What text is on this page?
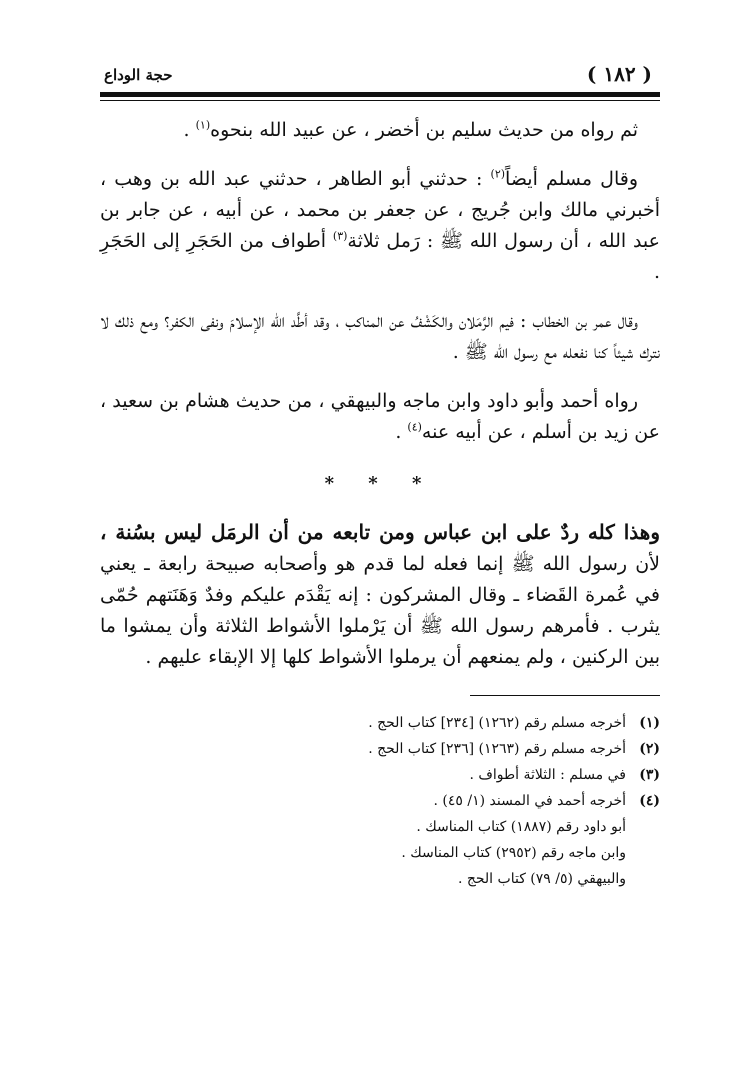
( ١٨٢ )
حجة الوداع

ثم رواه من حديث سليم بن أخضر ، عن عبيد الله بنحوه$^{(١)}$ .

وقال مسلم أيضاً$^{(٢)}$ : حدثني أبو الطاهر ، حدثني عبد الله بن وهب ، أخبرني مالك وابن جُريج ، عن جعفر بن محمد ، عن أبيه ، عن جابر بن عبد الله ، أن رسول الله ﷺ : رَمل ثلاثة$^{(٣)}$ أطواف من الحَجَرِ إلى الحَجَرِ .

وقال عمر بن الخطاب : فيم الرَّمَلان والكَشْفُ عن المناكب ، وقد أطَّد الله الإسلامَ ونفى الكفر؟ ومع ذلك لا نترك شيئاً كنا نفعله مع رسول الله ﷺ .

رواه أحمد وأبو داود وابن ماجه والبيهقي ، من حديث هشام بن سعيد ، عن زيد بن أسلم ، عن أبيه عنه$^{(٤)}$ .

* * *

وهذا كله ردٌ على ابن عباس ومن تابعه من أن الرمَل ليس بسُنة ، لأن رسول الله ﷺ إنما فعله لما قدم هو وأصحابه صبيحة رابعة ـ يعني في عُمرة القَضاء ـ وقال المشركون : إنه يَقْدَم عليكم وفدٌ وَهَنَتهم حُمّى يثرب . فأمرهم رسول الله ﷺ أن يَرْملوا الأشواط الثلاثة وأن يمشوا ما بين الركنين ، ولم يمنعهم أن يرملوا الأشواط كلها إلا الإبقاء عليهم .

(١)أخرجه مسلم رقم (١٢٦٢) [٢٣٤] كتاب الحج .
(٢)أخرجه مسلم رقم (١٢٦٣) [٢٣٦] كتاب الحج .
(٣)في مسلم : الثلاثة أطواف .
(٤)أخرجه أحمد في المسند (١/ ٤٥) .
أبو داود رقم (١٨٨٧) كتاب المناسك .
وابن ماجه رقم (٢٩٥٢) كتاب المناسك .
والبيهقي (٥/ ٧٩) كتاب الحج .
